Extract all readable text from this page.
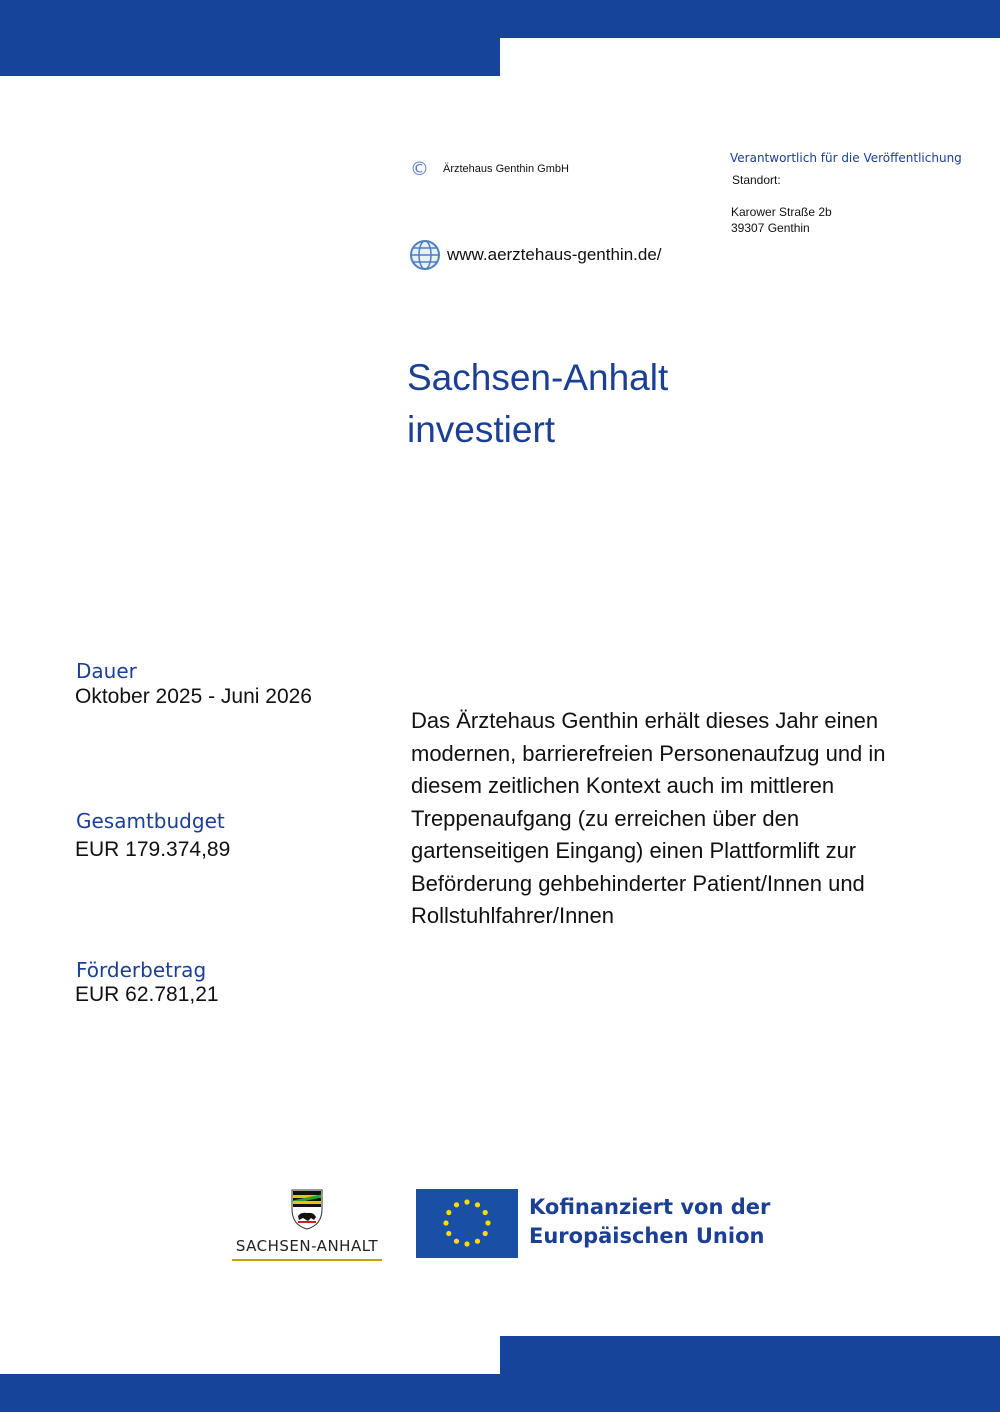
© Ärztehaus Genthin GmbH
www.aerztehaus-genthin.de/
Verantwortlich für die Veröffentlichung
Standort:
Karower Straße 2b
39307 Genthin
Sachsen-Anhalt
investiert
Dauer
Oktober 2025 - Juni 2026
Gesamtbudget
EUR 179.374,89
Förderbetrag
EUR 62.781,21
Das Ärztehaus Genthin erhält dieses Jahr einen modernen, barrierefreien Personenaufzug und in diesem zeitlichen Kontext auch im mittleren Treppenaufgang (zu erreichen über den gartenseitigen Eingang) einen Plattformlift zur Beförderung gehbehinderter Patient/Innen und Rollstuhlfahrer/Innen
SACHSEN-ANHALT
Kofinanziert von der
Europäischen Union
